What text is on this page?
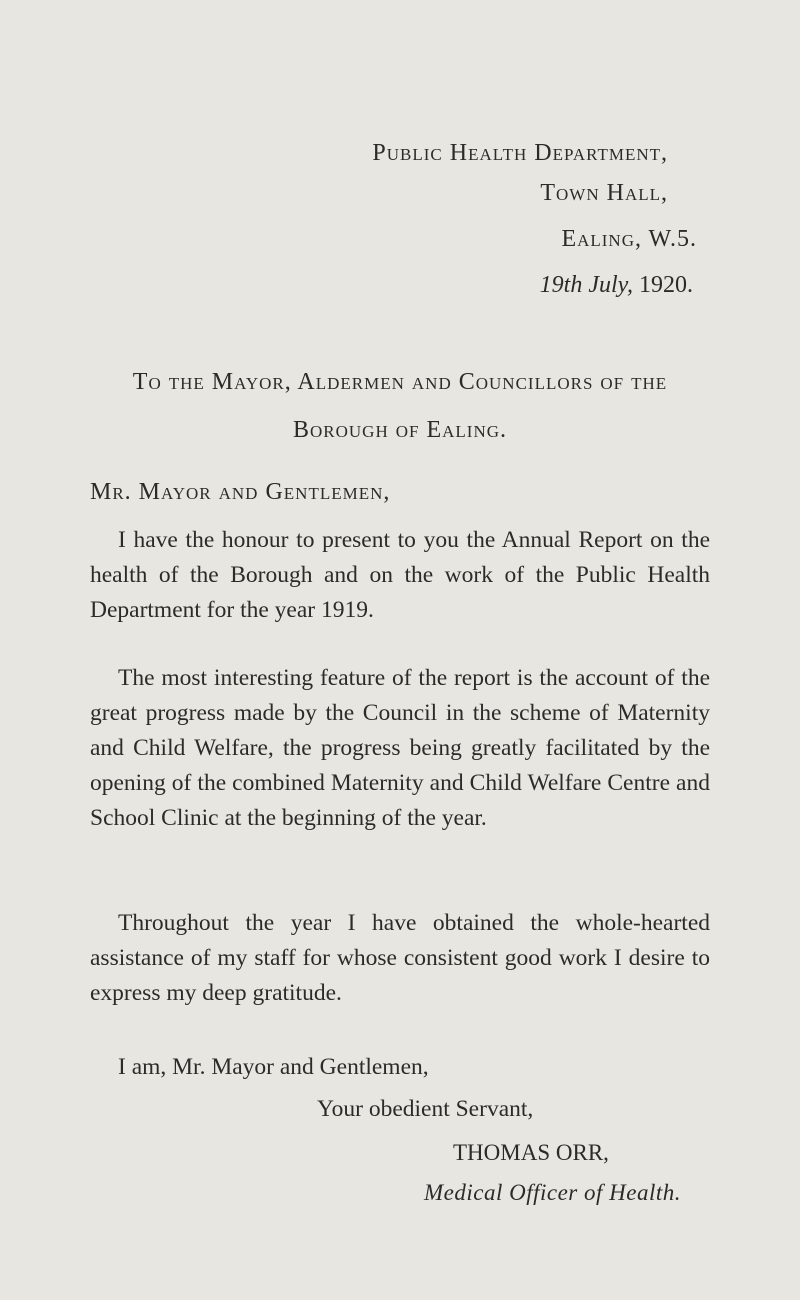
Public Health Department,
Town Hall,
Ealing, W.5.
19th July, 1920.
To the Mayor, Aldermen and Councillors of the
Borough of Ealing.
Mr. Mayor and Gentlemen,

I have the honour to present to you the Annual Report on the health of the Borough and on the work of the Public Health Department for the year 1919.

The most interesting feature of the report is the account of the great progress made by the Council in the scheme of Maternity and Child Welfare, the progress being greatly facilitated by the opening of the combined Maternity and Child Welfare Centre and School Clinic at the beginning of the year.

Throughout the year I have obtained the whole-hearted assistance of my staff for whose consistent good work I desire to express my deep gratitude.

I am, Mr. Mayor and Gentlemen,
Your obedient Servant,
THOMAS ORR,
Medical Officer of Health.
